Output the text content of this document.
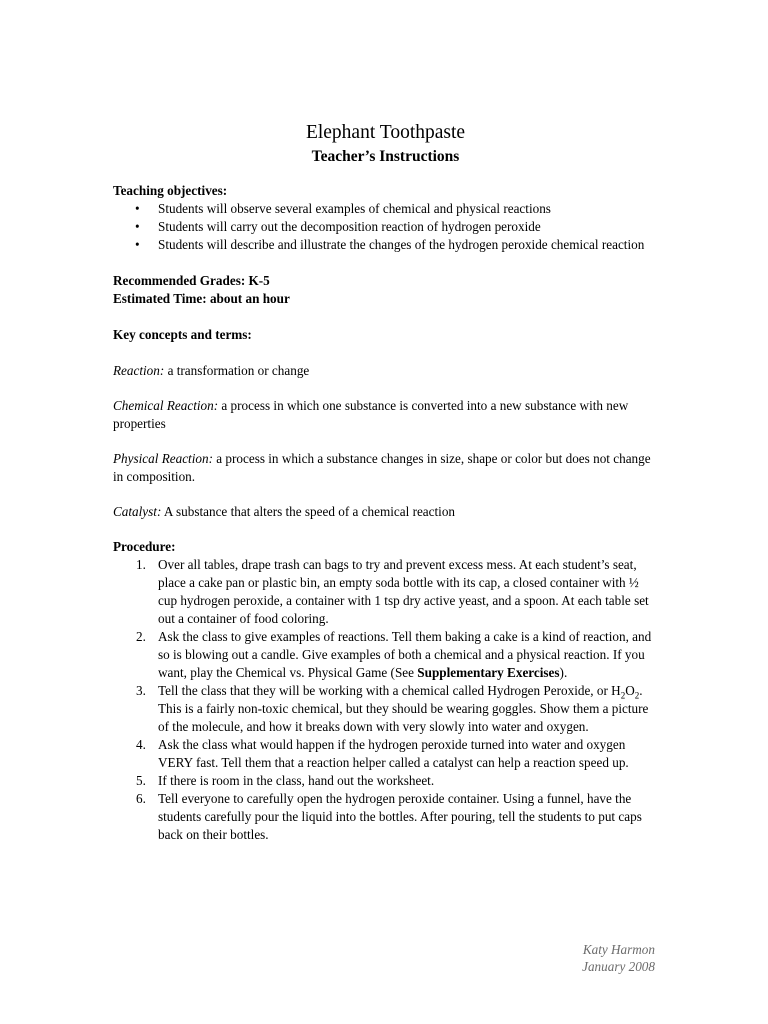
Elephant Toothpaste
Teacher’s Instructions
Teaching objectives:
• Students will observe several examples of chemical and physical reactions
• Students will carry out the decomposition reaction of hydrogen peroxide
• Students will describe and illustrate the changes of the hydrogen peroxide chemical reaction
Recommended Grades: K-5
Estimated Time: about an hour
Key concepts and terms:

Reaction: a transformation or change

Chemical Reaction: a process in which one substance is converted into a new substance with new properties

Physical Reaction: a process in which a substance changes in size, shape or color but does not change in composition.

Catalyst: A substance that alters the speed of a chemical reaction

Procedure:
1. Over all tables, drape trash can bags to try and prevent excess mess. At each student’s seat, place a cake pan or plastic bin, an empty soda bottle with its cap, a closed container with ½ cup hydrogen peroxide, a container with 1 tsp dry active yeast, and a spoon. At each table set out a container of food coloring.
2. Ask the class to give examples of reactions. Tell them baking a cake is a kind of reaction, and so is blowing out a candle. Give examples of both a chemical and a physical reaction. If you want, play the Chemical vs. Physical Game (See Supplementary Exercises).
3. Tell the class that they will be working with a chemical called Hydrogen Peroxide, or $H_2O_2$. This is a fairly non-toxic chemical, but they should be wearing goggles. Show them a picture of the molecule, and how it breaks down with very slowly into water and oxygen.
4. Ask the class what would happen if the hydrogen peroxide turned into water and oxygen VERY fast. Tell them that a reaction helper called a catalyst can help a reaction speed up.
5. If there is room in the class, hand out the worksheet.
6. Tell everyone to carefully open the hydrogen peroxide container. Using a funnel, have the students carefully pour the liquid into the bottles. After pouring, tell the students to put caps back on their bottles.
Katy Harmon
January 2008
